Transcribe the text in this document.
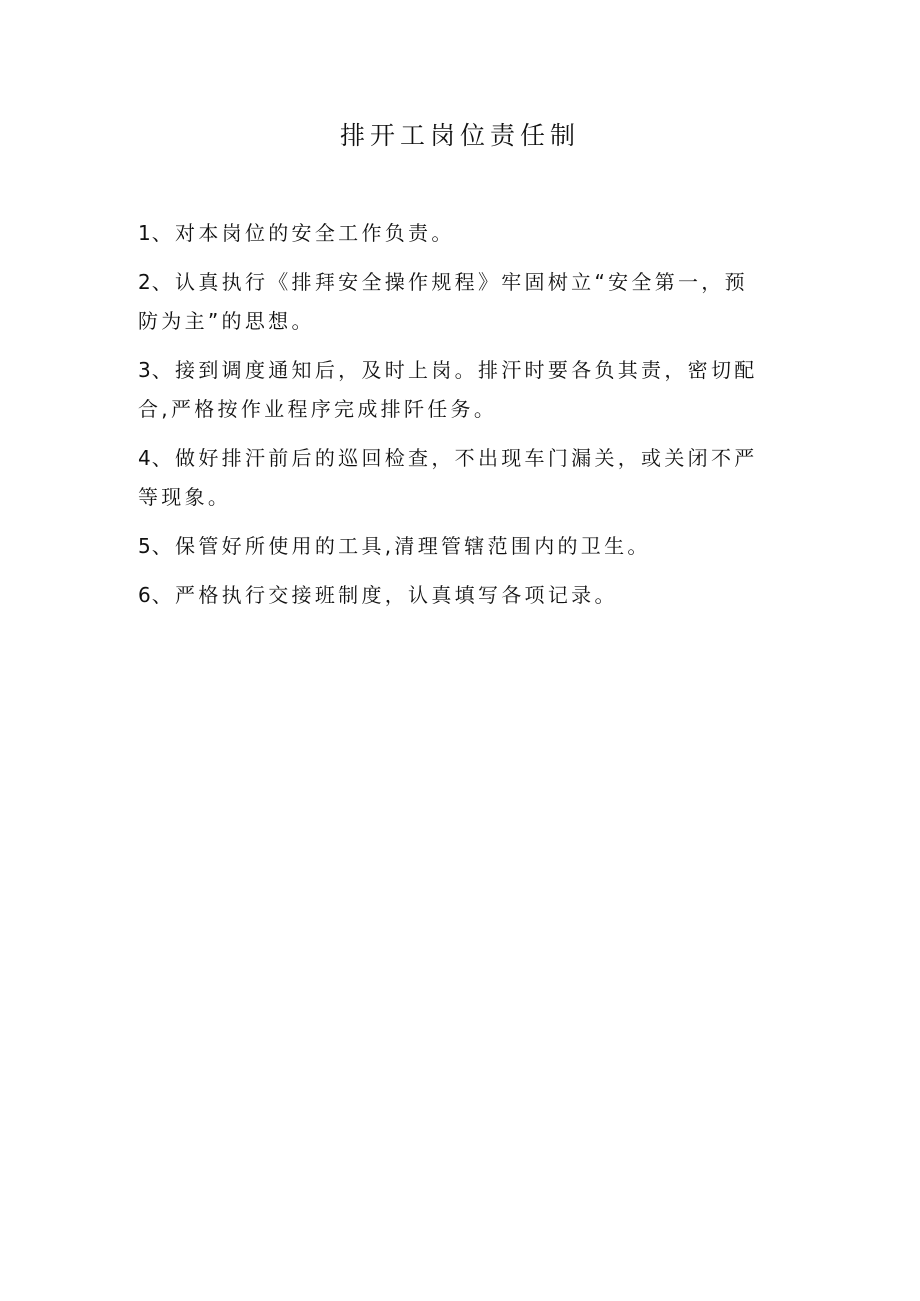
排开工岗位责任制

1、对本岗位的安全工作负责。

2、认真执行《排拜安全操作规程》牢固树立“安全第一，预防为主”的思想。

3、接到调度通知后，及时上岗。排汗时要各负其责，密切配合,严格按作业程序完成排阡任务。

4、做好排汗前后的巡回检查，不出现车门漏关，或关闭不严等现象。

5、保管好所使用的工具,清理管辖范围内的卫生。

6、严格执行交接班制度，认真填写各项记录。
